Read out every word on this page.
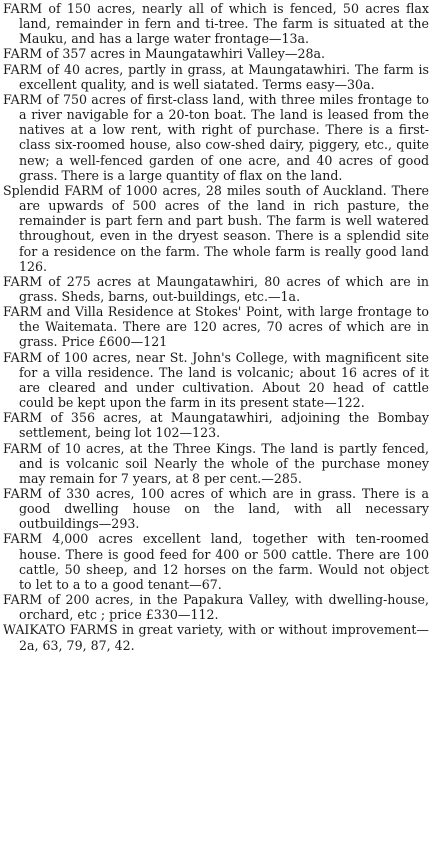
FARM of 150 acres, nearly all of which is fenced, 50 acres flax land, remainder in fern and ti-tree. The farm is situated at the Mauku, and has a large water frontage—13a.

FARM of 357 acres in Maungatawhiri Valley—28a.

FARM of 40 acres, partly in grass, at Maungatawhiri. The farm is excellent quality, and is well siatated. Terms easy—30a.

FARM of 750 acres of first-class land, with three miles frontage to a river navigable for a 20-ton boat. The land is leased from the natives at a low rent, with right of purchase. There is a first-class six-roomed house, also cow-shed dairy, piggery, etc., quite new; a well-fenced garden of one acre, and 40 acres of good grass. There is a large quantity of flax on the land.

Splendid FARM of 1000 acres, 28 miles south of Auckland. There are upwards of 500 acres of the land in rich pasture, the remainder is part fern and part bush. The farm is well watered throughout, even in the dryest season. There is a splendid site for a residence on the farm. The whole farm is really good land 126.

FARM of 275 acres at Maungatawhiri, 80 acres of which are in grass. Sheds, barns, out-buildings, etc.—1a.

FARM and Villa Residence at Stokes' Point, with large frontage to the Waitemata. There are 120 acres, 70 acres of which are in grass. Price £600—121

FARM of 100 acres, near St. John's College, with magnificent site for a villa residence. The land is volcanic; about 16 acres of it are cleared and under cultivation. About 20 head of cattle could be kept upon the farm in its present state—122.

FARM of 356 acres, at Maungatawhiri, adjoining the Bombay settlement, being lot 102—123.

FARM of 10 acres, at the Three Kings. The land is partly fenced, and is volcanic soil Nearly the whole of the purchase money may remain for 7 years, at 8 per cent.—285.

FARM of 330 acres, 100 acres of which are in grass. There is a good dwelling house on the land, with all necessary outbuildings—293.

FARM 4,000 acres excellent land, together with ten-roomed house. There is good feed for 400 or 500 cattle. There are 100 cattle, 50 sheep, and 12 horses on the farm. Would not object to let to a to a good tenant—67.

FARM of 200 acres, in the Papakura Valley, with dwelling-house, orchard, etc ; price £330—112.

WAIKATO FARMS in great variety, with or without improvement—2a, 63, 79, 87, 42.
